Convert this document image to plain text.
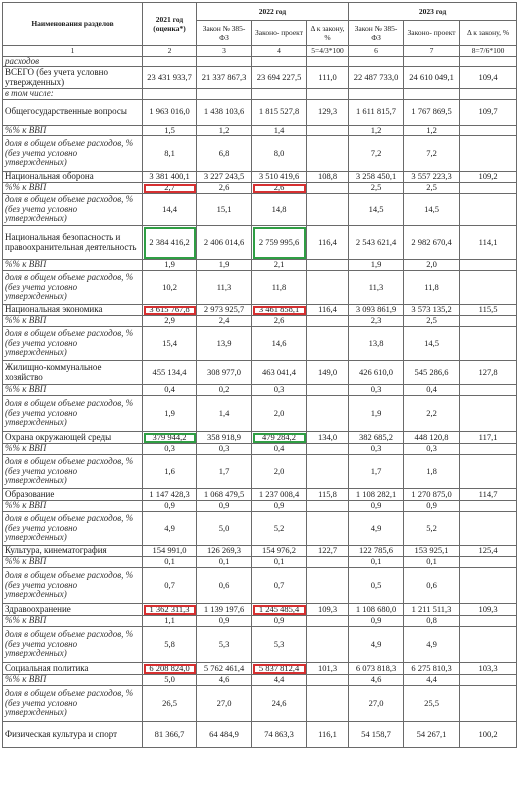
Наименования разделов	2021 год (оценка*)	2022 год			2023 год		
		Закон № 385-ФЗ	Законо- проект	Δ к закону, %	Закон № 385-ФЗ	Законо- проект	Δ к закону, %
1	2	3	4	5=4/3*100	6	7	8=7/6*100
расходов							
ВСЕГО (без учета условно утвержденных)	23 431 933,7	21 337 867,3	23 694 227,5	111,0	22 487 733,0	24 610 049,1	109,4
в том числе:							
Общегосударственные вопросы	1 963 016,0	1 438 103,6	1 815 527,8	129,3	1 611 815,7	1 767 869,5	109,7
%% к ВВП	1,5	1,2	1,4		1,2	1,2	
доля в общем объеме расходов, % (без учета условно утвержденных)	8,1	6,8	8,0		7,2	7,2	
Национальная оборона	3 381 400,1	3 227 243,5	3 510 419,6	108,8	3 258 450,1	3 557 223,3	109,2
%% к ВВП	2,7	2,6	2,6		2,5	2,5	
доля в общем объеме расходов, % (без учета условно утвержденных)	14,4	15,1	14,8		14,5	14,5	
Национальная безопасность и правоохранительная деятельность	2 384 416,2	2 406 014,6	2 759 995,6	116,4	2 543 621,4	2 982 670,4	114,1
%% к ВВП	1,9	1,9	2,1		1,9	2,0	
доля в общем объеме расходов, % (без учета условно утвержденных)	10,2	11,3	11,8		11,3	11,8	
Национальная экономика	3 615 767,8	2 973 925,7	3 461 858,1	116,4	3 093 861,9	3 573 135,2	115,5
%% к ВВП	2,9	2,4	2,6		2,3	2,5	
доля в общем объеме расходов, % (без учета условно утвержденных)	15,4	13,9	14,6		13,8	14,5	
Жилищно-коммунальное хозяйство	455 134,4	308 977,0	463 041,4	149,0	426 610,0	545 286,6	127,8
%% к ВВП	0,4	0,2	0,3		0,3	0,4	
доля в общем объеме расходов, % (без учета условно утвержденных)	1,9	1,4	2,0		1,9	2,2	
Охрана окружающей среды	379 944,2	358 918,9	479 284,2	134,0	382 685,2	448 120,8	117,1
%% к ВВП	0,3	0,3	0,4		0,3	0,3	
доля в общем объеме расходов, % (без учета условно утвержденных)	1,6	1,7	2,0		1,7	1,8	
Образование	1 147 428,3	1 068 479,5	1 237 008,4	115,8	1 108 282,1	1 270 875,0	114,7
%% к ВВП	0,9	0,9	0,9		0,9	0,9	
доля в общем объеме расходов, % (без учета условно утвержденных)	4,9	5,0	5,2		4,9	5,2	
Культура, кинематография	154 991,0	126 269,3	154 976,2	122,7	122 785,6	153 925,1	125,4
%% к ВВП	0,1	0,1	0,1		0,1	0,1	
доля в общем объеме расходов, % (без учета условно утвержденных)	0,7	0,6	0,7		0,5	0,6	
Здравоохранение	1 362 311,3	1 139 197,6	1 245 485,4	109,3	1 108 680,0	1 211 511,3	109,3
%% к ВВП	1,1	0,9	0,9		0,9	0,8	
доля в общем объеме расходов, % (без учета условно утвержденных)	5,8	5,3	5,3		4,9	4,9	
Социальная политика	6 208 824,0	5 762 461,4	5 837 812,4	101,3	6 073 818,3	6 275 810,3	103,3
%% к ВВП	5,0	4,6	4,4		4,6	4,4	
доля в общем объеме расходов, % (без учета условно утвержденных)	26,5	27,0	24,6		27,0	25,5	
Физическая культура и спорт	81 366,7	64 484,9	74 863,3	116,1	54 158,7	54 267,1	100,2
